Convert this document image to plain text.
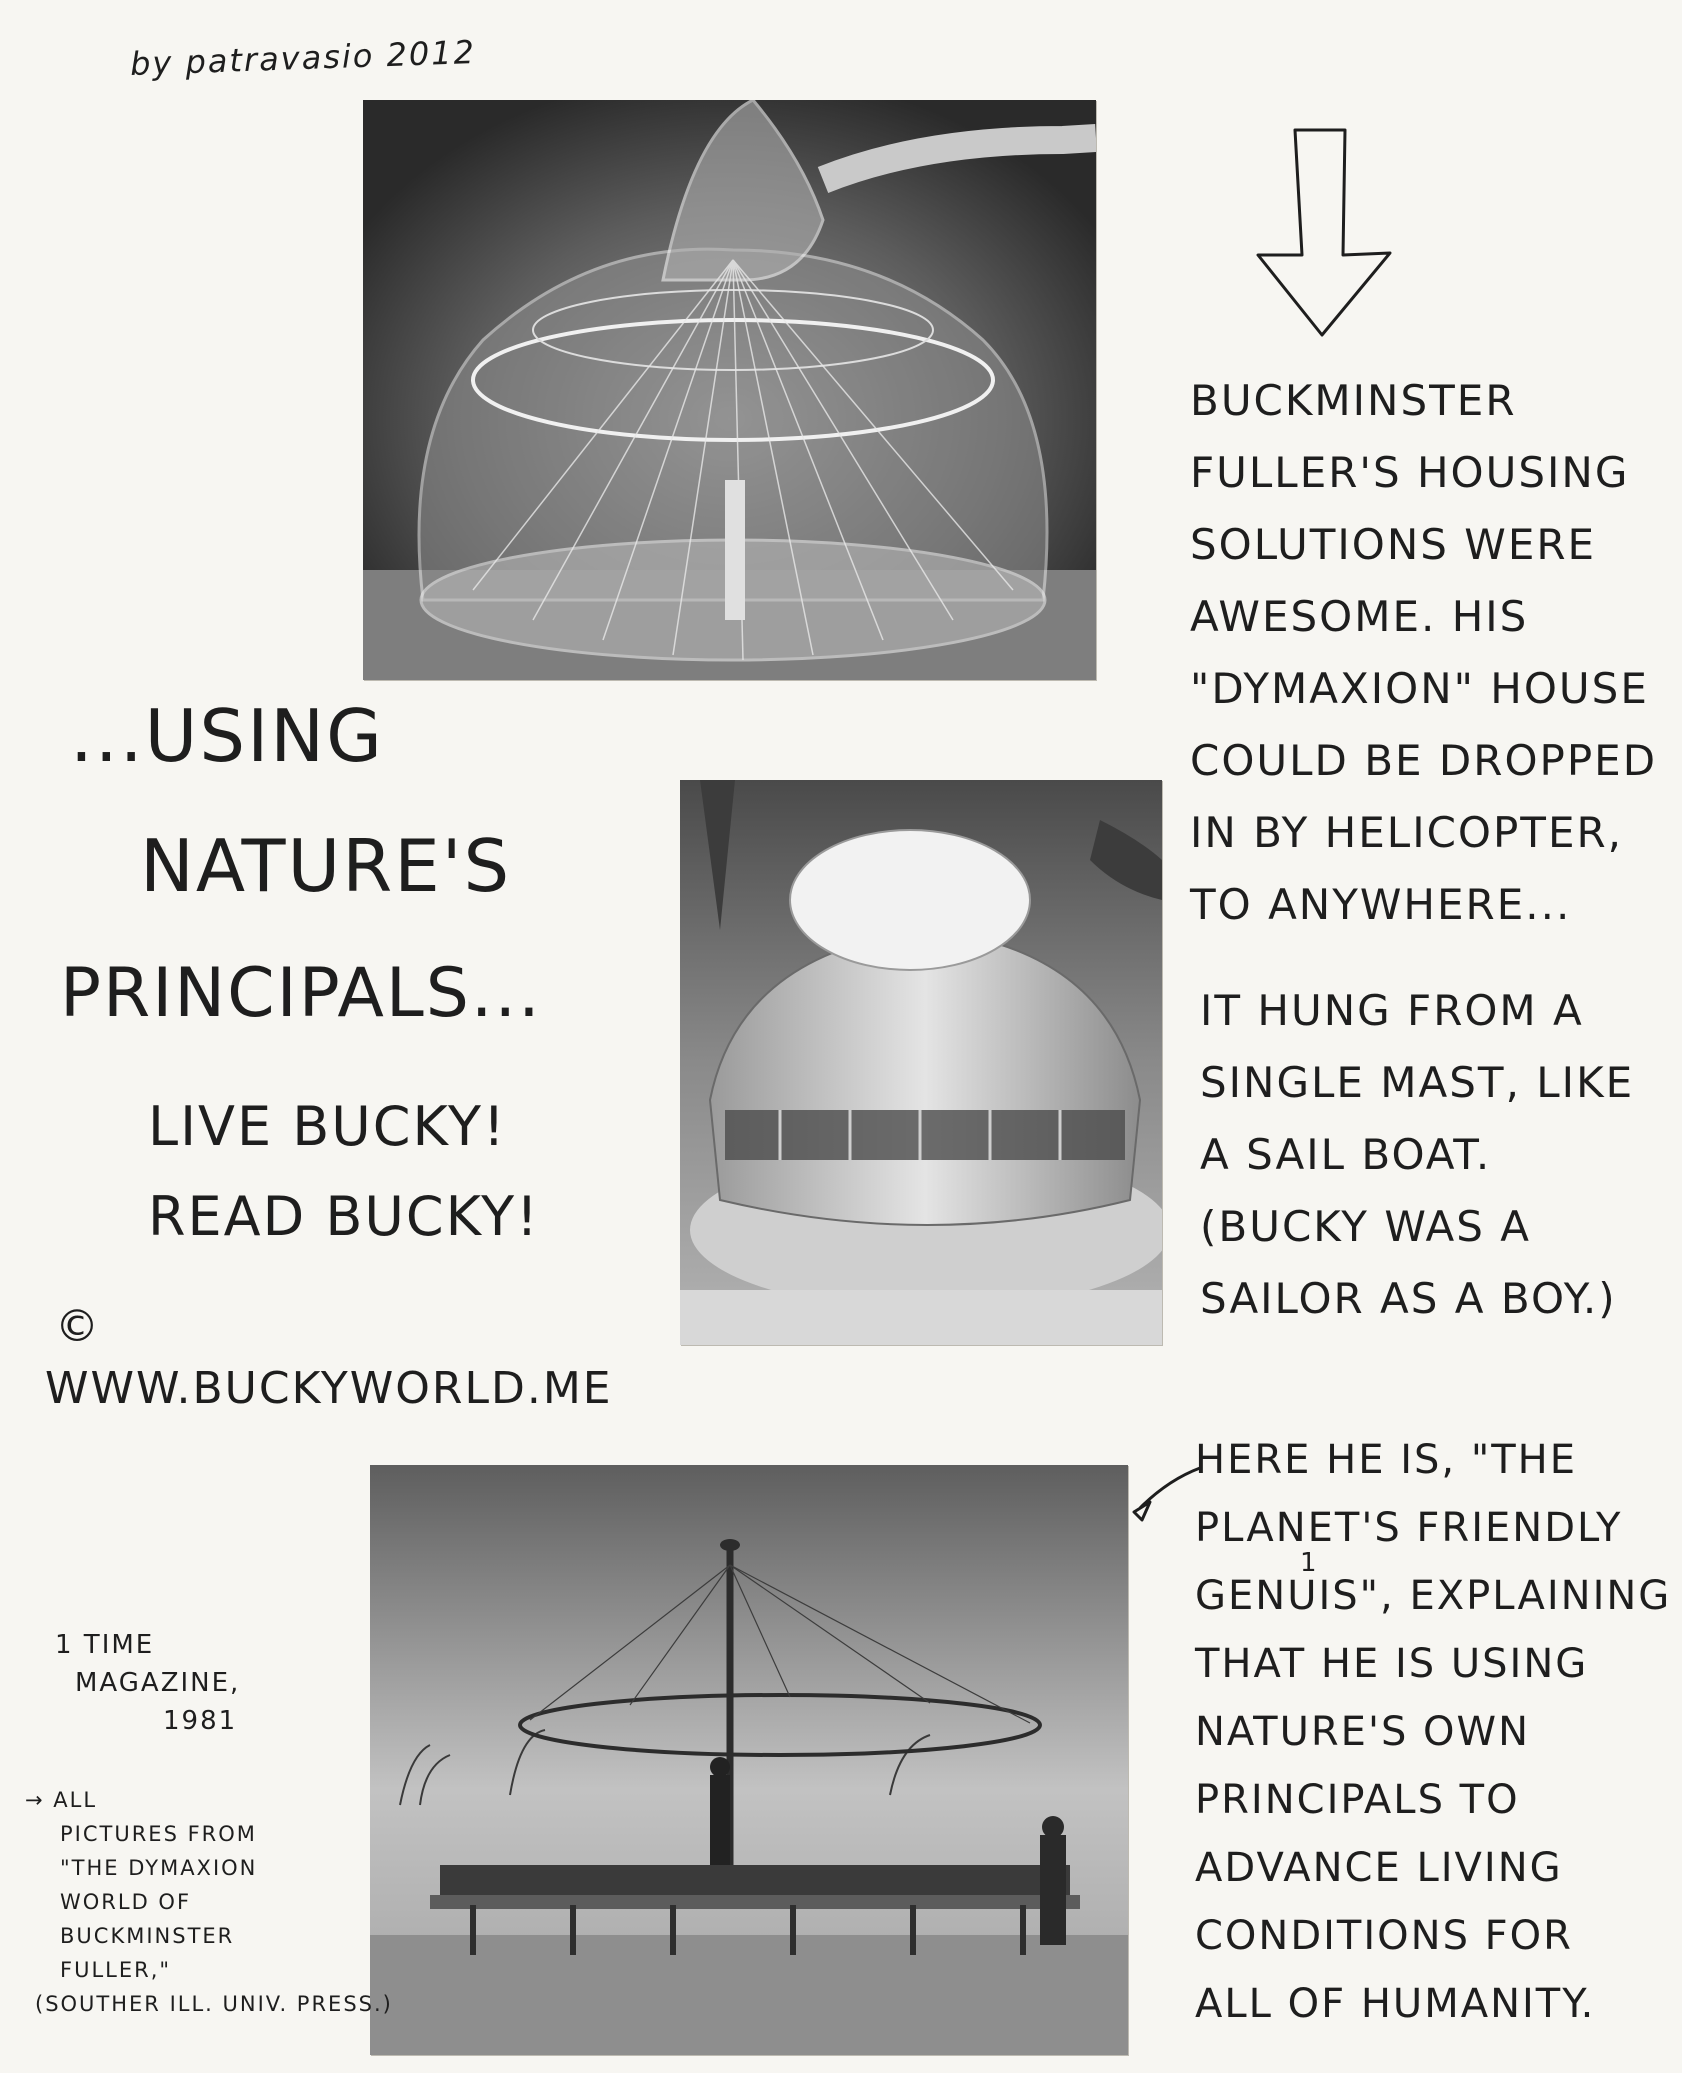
by patravasio 2012
BUCKMINSTER
FULLER'S HOUSING
SOLUTIONS WERE
AWESOME. HIS
"DYMAXION" HOUSE
COULD BE DROPPED
IN BY HELICOPTER,
TO ANYWHERE...
IT HUNG FROM A
SINGLE MAST, LIKE
A SAIL BOAT.
(BUCKY WAS A
SAILOR AS A BOY.)
...USING
NATURE'S
PRINCIPALS...
LIVE BUCKY!
READ BUCKY!
©
WWW.BUCKYWORLD.ME
HERE HE IS, "THE
PLANET'S FRIENDLY
GENUIS", EXPLAINING
1
THAT HE IS USING
NATURE'S OWN
PRINCIPALS TO
ADVANCE LIVING
CONDITIONS FOR
ALL OF HUMANITY.
1 TIME
MAGAZINE,
1981
→ ALL
PICTURES FROM
"THE DYMAXION
WORLD OF
BUCKMINSTER
FULLER,"
(SOUTHER ILL. UNIV. PRESS.)
